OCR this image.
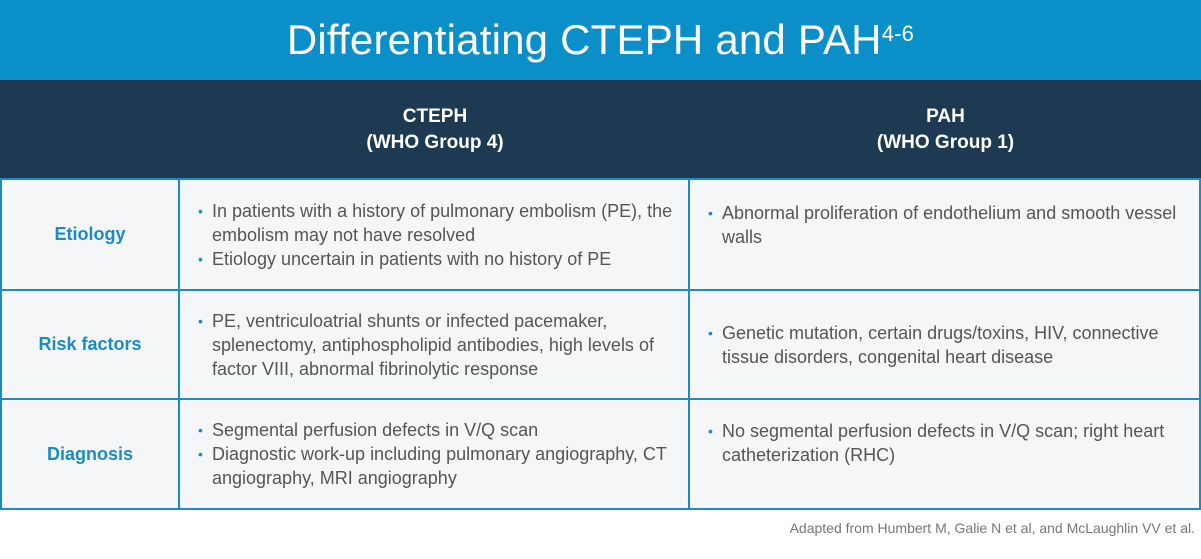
Differentiating CTEPH and PAH$^{4-6}$
CTEPH
(WHO Group 4)
PAH
(WHO Group 1)
Etiology
• In patients with a history of pulmonary embolism (PE), the embolism may not have resolved
• Etiology uncertain in patients with no history of PE
• Abnormal proliferation of endothelium and smooth vessel walls
Risk factors
• PE, ventriculoatrial shunts or infected pacemaker, splenectomy, antiphospholipid antibodies, high levels of factor VIII, abnormal fibrinolytic response
• Genetic mutation, certain drugs/toxins, HIV, connective tissue disorders, congenital heart disease
Diagnosis
• Segmental perfusion defects in V/Q scan
• Diagnostic work-up including pulmonary angiography, CT angiography, MRI angiography
• No segmental perfusion defects in V/Q scan; right heart catheterization (RHC)
Adapted from Humbert M, Galie N et al, and McLaughlin VV et al.
